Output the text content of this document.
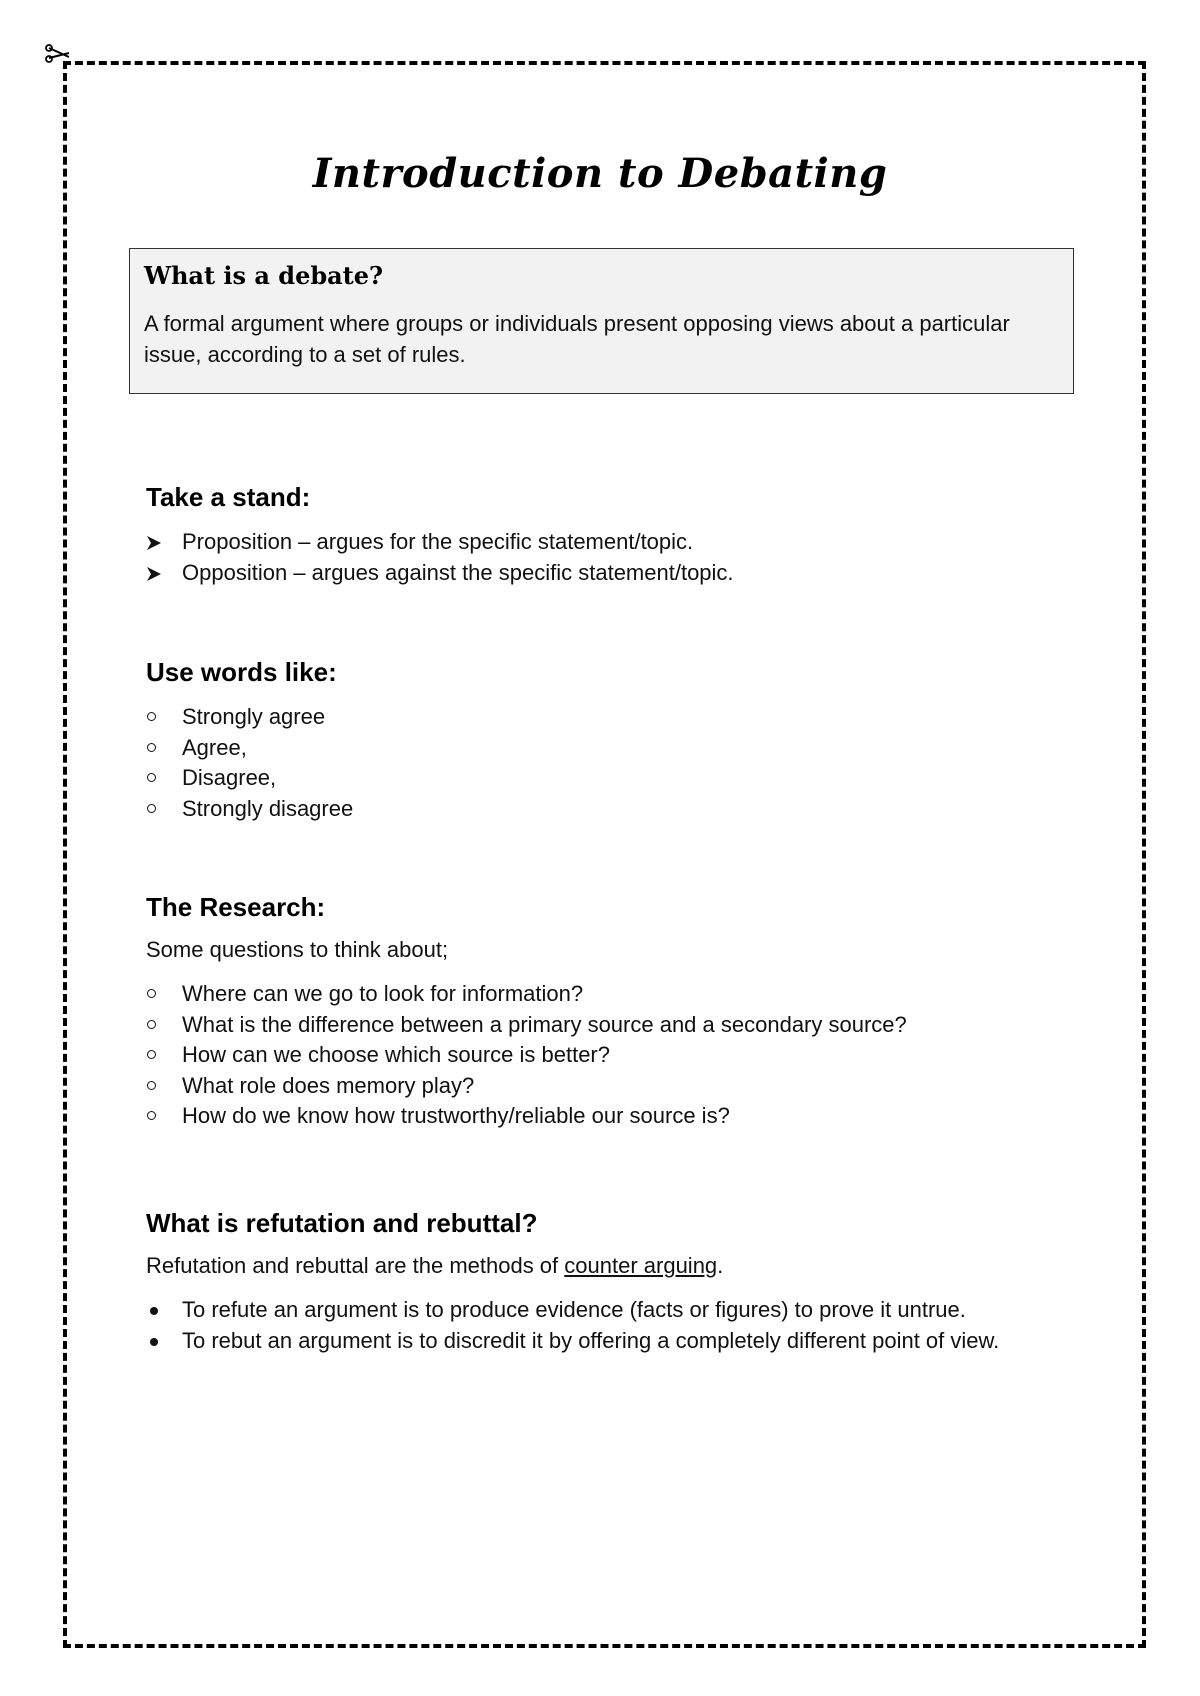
Introduction to Debating

What is a debate?

A formal argument where groups or individuals present opposing views about a particular issue, according to a set of rules.

Take a stand:

Proposition – argues for the specific statement/topic.
Opposition – argues against the specific statement/topic.

Use words like:

Strongly agree
Agree,
Disagree,
Strongly disagree

The Research:

Some questions to think about;

Where can we go to look for information?
What is the difference between a primary source and a secondary source?
How can we choose which source is better?
What role does memory play?
How do we know how trustworthy/reliable our source is?

What is refutation and rebuttal?

Refutation and rebuttal are the methods of counter arguing.

To refute an argument is to produce evidence (facts or figures) to prove it untrue.
To rebut an argument is to discredit it by offering a completely different point of view.
